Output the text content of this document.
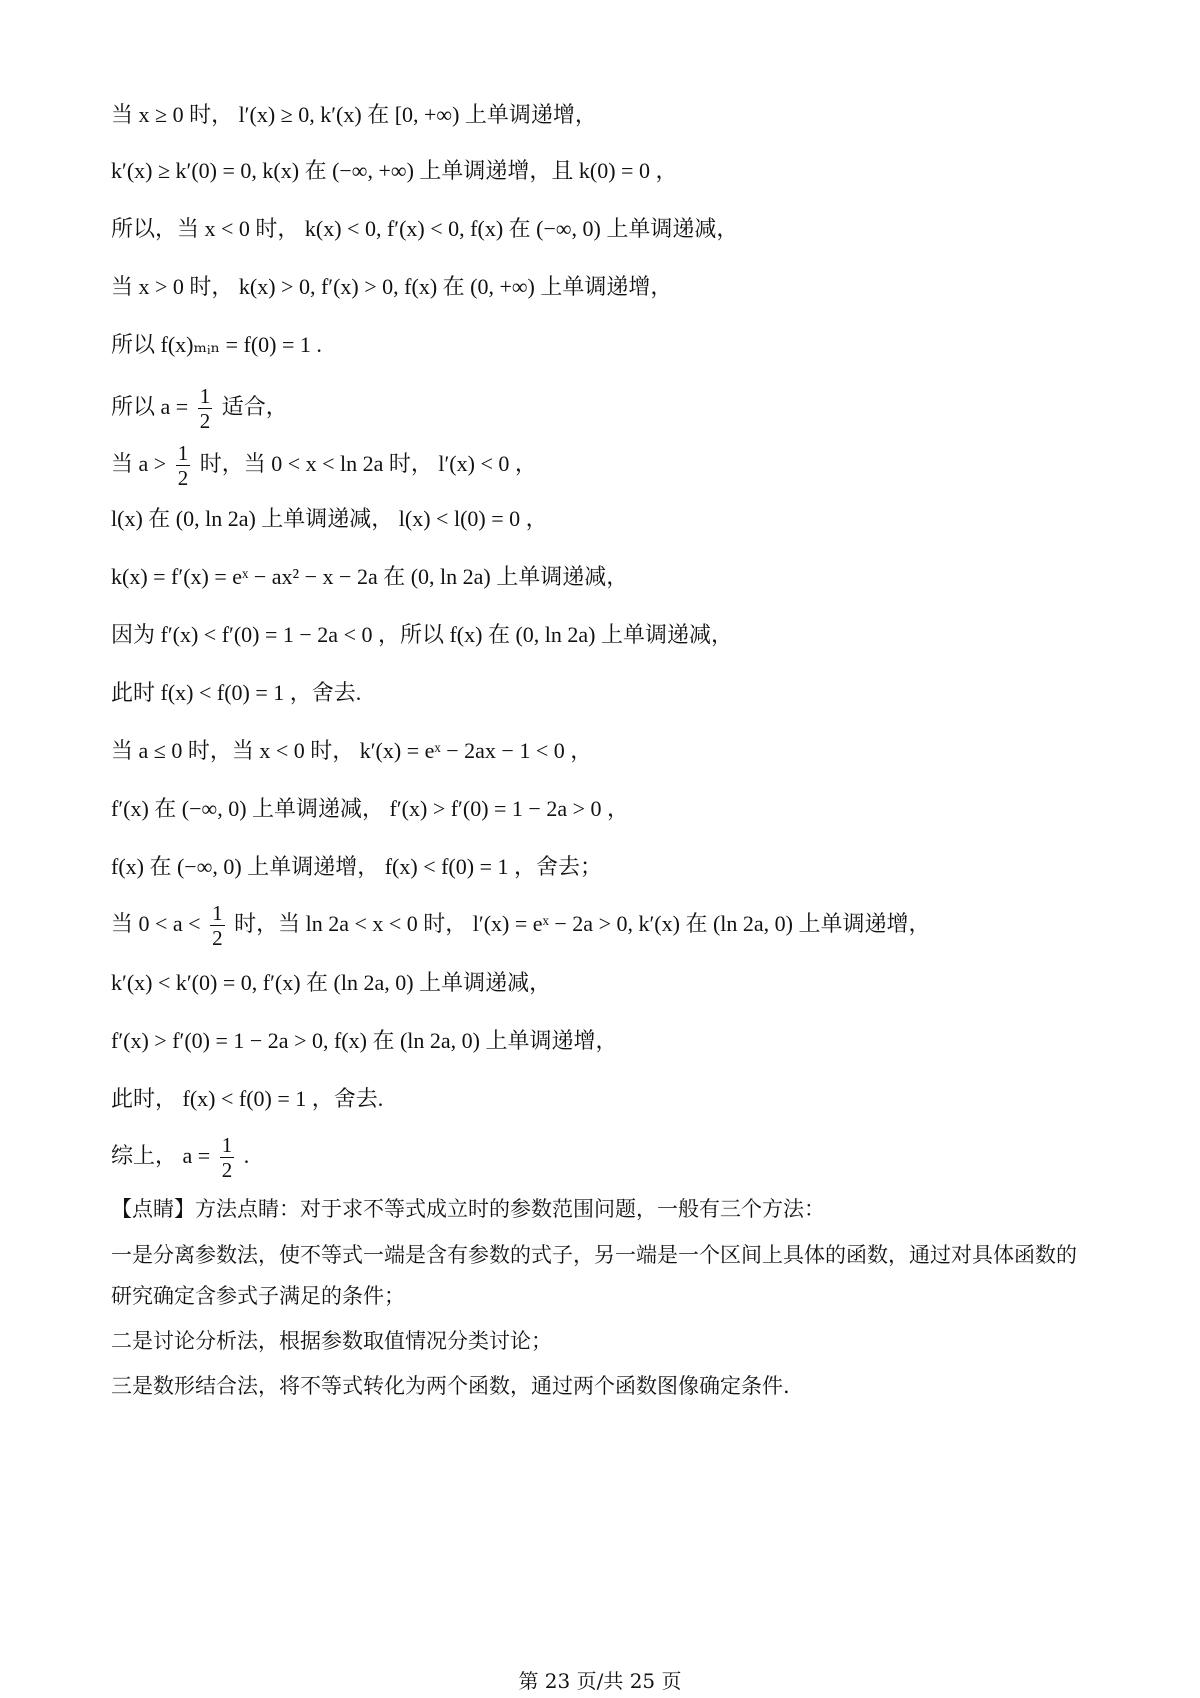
当 x ≥ 0 时， l′(x) ≥ 0, k′(x) 在 [0, +∞) 上单调递增，
k′(x) ≥ k′(0) = 0, k(x) 在 (−∞, +∞) 上单调递增，且 k(0) = 0 ，
所以，当 x < 0 时， k(x) < 0, f′(x) < 0, f(x) 在 (−∞, 0) 上单调递减，
当 x > 0 时， k(x) > 0, f′(x) > 0, f(x) 在 (0, +∞) 上单调递增，
所以 f(x)ₘᵢₙ = f(0) = 1 .
所以 $a = \frac{1}{2}$ 适合，
当 $a > \frac{1}{2}$ 时，当 0 < x < ln 2a 时， l′(x) < 0 ，
l(x) 在 (0, ln 2a) 上单调递减， l(x) < l(0) = 0 ，
k(x) = f′(x) = eˣ − ax² − x − 2a 在 (0, ln 2a) 上单调递减，
因为 f′(x) < f′(0) = 1 − 2a < 0 ，所以 f(x) 在 (0, ln 2a) 上单调递减，
此时 f(x) < f(0) = 1 ，舍去.
当 a ≤ 0 时，当 x < 0 时， k′(x) = eˣ − 2ax − 1 < 0 ，
f′(x) 在 (−∞, 0) 上单调递减， f′(x) > f′(0) = 1 − 2a > 0 ，
f(x) 在 (−∞, 0) 上单调递增， f(x) < f(0) = 1 ，舍去；
当 $0 < a < \frac{1}{2}$ 时，当 ln 2a < x < 0 时， l′(x) = eˣ − 2a > 0, k′(x) 在 (ln 2a, 0) 上单调递增，
k′(x) < k′(0) = 0, f′(x) 在 (ln 2a, 0) 上单调递减，
f′(x) > f′(0) = 1 − 2a > 0, f(x) 在 (ln 2a, 0) 上单调递增，
此时， f(x) < f(0) = 1 ，舍去.
综上， $a = \frac{1}{2}$ .
【点睛】方法点睛：对于求不等式成立时的参数范围问题，一般有三个方法：
一是分离参数法，使不等式一端是含有参数的式子，另一端是一个区间上具体的函数，通过对具体函数的
研究确定含参式子满足的条件；
二是讨论分析法，根据参数取值情况分类讨论；
三是数形结合法，将不等式转化为两个函数，通过两个函数图像确定条件.
第 23 页/共 25 页
